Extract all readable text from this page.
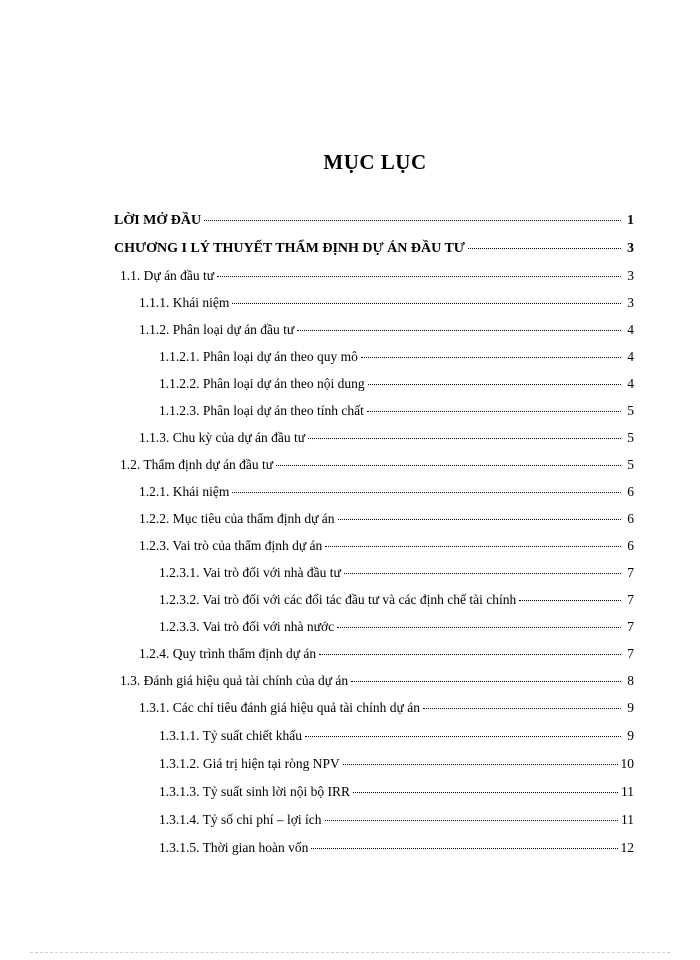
MỤC LỤC
LỜI MỞ ĐẦU	1
CHƯƠNG I LÝ THUYẾT THẨM ĐỊNH DỰ ÁN ĐẦU TƯ	3
1.1. Dự án đầu tư	3
1.1.1. Khái niệm	3
1.1.2. Phân loại dự án đầu tư	4
1.1.2.1. Phân loại dự án theo quy mô	4
1.1.2.2. Phân loại dự án theo nội dung	4
1.1.2.3. Phân loại dự án theo tính chất	5
1.1.3. Chu kỳ của dự án đầu tư	5
1.2. Thẩm định dự án đầu tư	5
1.2.1. Khái niệm	6
1.2.2. Mục tiêu của thẩm định dự án	6
1.2.3. Vai trò của thẩm định dự án	6
1.2.3.1. Vai trò đối với nhà đầu tư	7
1.2.3.2. Vai trò đối với các đối tác đầu tư và các định chế tài chính	7
1.2.3.3. Vai trò đối với nhà nước	7
1.2.4. Quy trình thẩm định dự án	7
1.3. Đánh giá hiệu quả tài chính của dự án	8
1.3.1. Các chỉ tiêu đánh giá hiệu quả tài chính dự án	9
1.3.1.1. Tỷ suất chiết khấu	9
1.3.1.2. Giá trị hiện tại ròng NPV	10
1.3.1.3. Tỷ suất sinh lời nội bộ IRR	11
1.3.1.4. Tỷ số chi phí – lợi ích	11
1.3.1.5. Thời gian hoàn vốn	12
